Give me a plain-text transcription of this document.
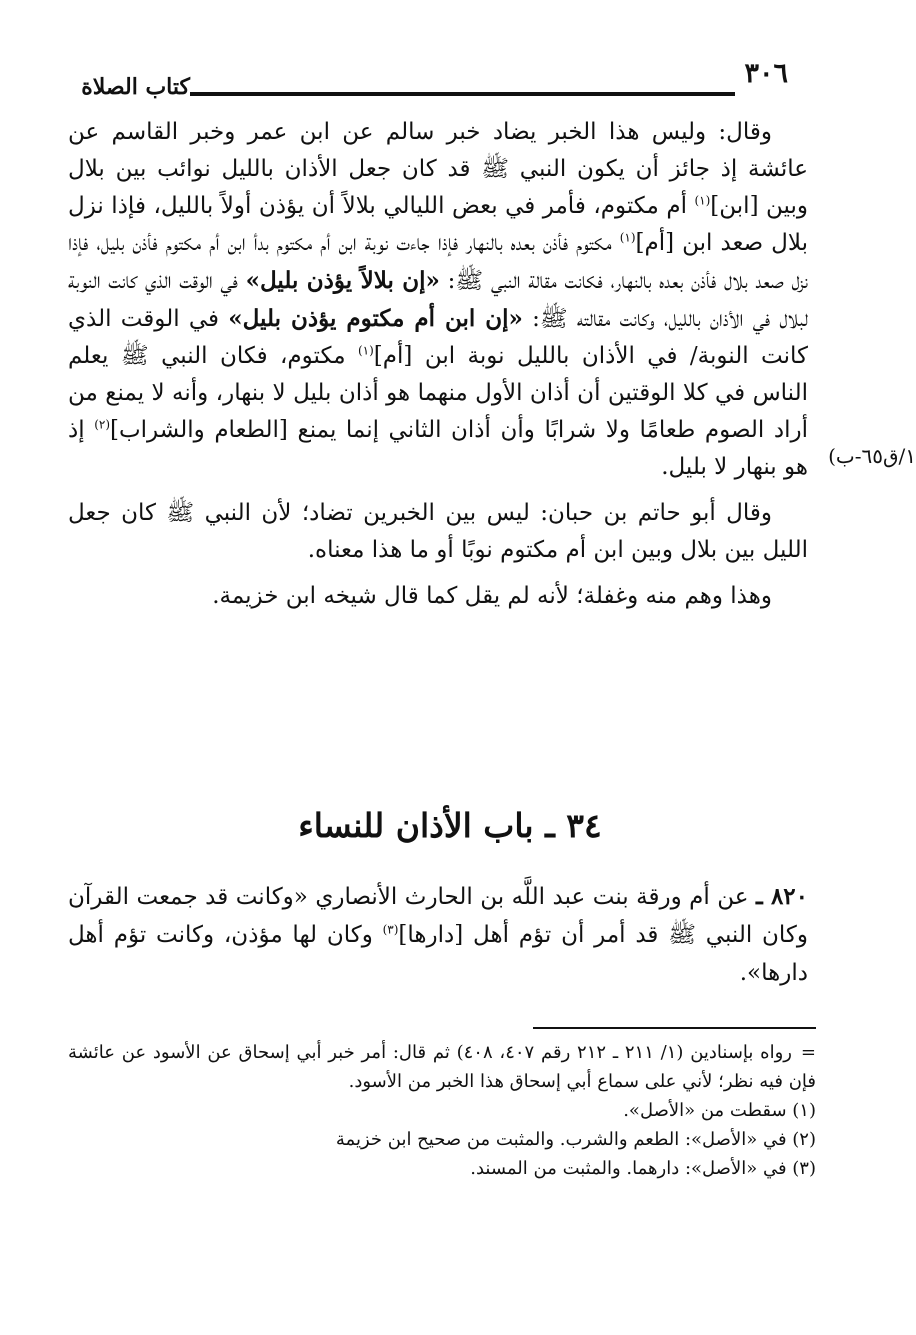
٣٠٦
كتاب الصلاة

وقال: وليس هذا الخبر يضاد خبر سالم عن ابن عمر وخبر القاسم عن عائشة إذ جائز أن يكون النبي ﷺ قد كان جعل الأذان بالليل نوائب بين بلال وبين [ابن]$^{(١)}$ أم مكتوم، فأمر في بعض الليالي بلالاً أن يؤذن أولاً بالليل، فإذا نزل بلال صعد ابن [أم]$^{(١)}$ مكتوم فأذن بعده بالنهار فإذا جاءت نوبة ابن أم مكتوم بدأ ابن أم مكتوم فأذن بليل، فإذا نزل صعد بلال فأذن بعده بالنهار، فكانت مقالة النبي ﷺ: «إن بلالاً يؤذن بليل» في الوقت الذي كانت النوبة لبلال في الأذان بالليل، وكانت مقالته ﷺ: «إن ابن أم مكتوم يؤذن بليل» في الوقت الذي كانت النوبة/ في الأذان بالليل نوبة ابن [أم]$^{(١)}$ مكتوم، فكان النبي ﷺ يعلم الناس في كلا الوقتين أن أذان الأول منهما هو أذان بليل لا بنهار، وأنه لا يمنع من أراد الصوم طعامًا ولا شرابًا وأن أذان الثاني إنما يمنع [الطعام والشراب]$^{(٢)}$ إذ هو بنهار لا بليل.

وقال أبو حاتم بن حبان: ليس بين الخبرين تضاد؛ لأن النبي ﷺ كان جعل الليل بين بلال وبين ابن أم مكتوم نوبًا أو ما هذا معناه.

وهذا وهم منه وغفلة؛ لأنه لم يقل كما قال شيخه ابن خزيمة.

١/ق٦٥-ب)
٣٤ ـ باب الأذان للنساء
٨٢٠ ـ عن أم ورقة بنت عبد اللَّه بن الحارث الأنصاري «وكانت قد جمعت القرآن وكان النبي ﷺ قد أمر أن تؤم أهل [دارها]$^{(٣)}$ وكان لها مؤذن، وكانت تؤم أهل دارها».
=رواه بإسنادين (١/ ٢١١ ـ ٢١٢ رقم ٤٠٧، ٤٠٨) ثم قال: أمر خبر أبي إسحاق عن الأسود عن عائشة فإن فيه نظر؛ لأني على سماع أبي إسحاق هذا الخبر من الأسود.
(١) سقطت من «الأصل».
(٢) في «الأصل»: الطعم والشرب. والمثبت من صحيح ابن خزيمة
(٣) في «الأصل»: دارهما. والمثبت من المسند.
